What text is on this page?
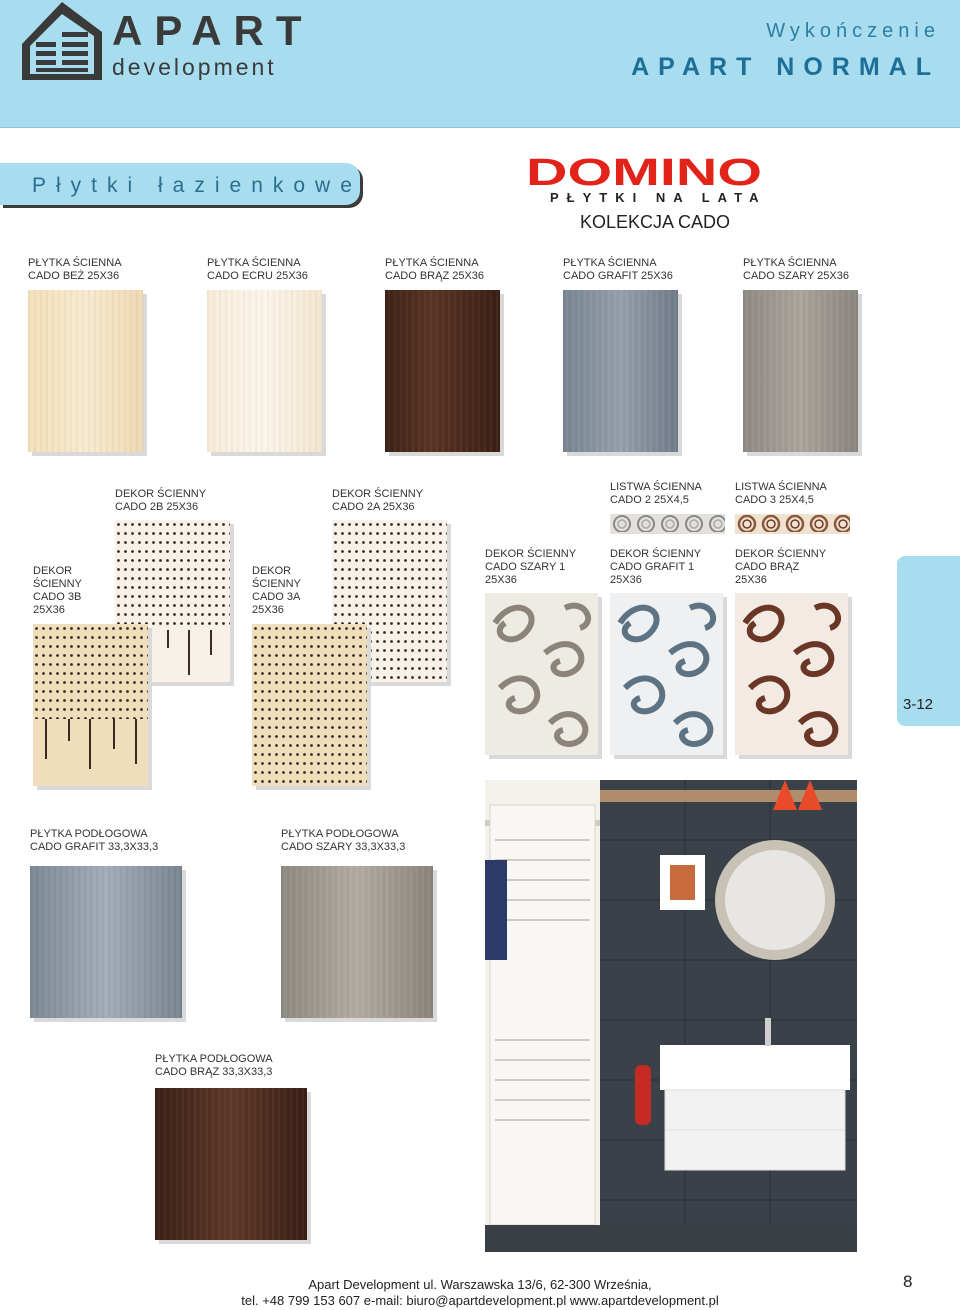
APART
development
Wykończenie
APART NORMAL
Płytki łazienkowe	DOMINO
PŁYTKI NA LATA
KOLEKCJA CADO
PŁYTKA ŚCIENNA
CADO BEŻ 25X36
PŁYTKA ŚCIENNA
CADO ECRU 25X36
PŁYTKA ŚCIENNA
CADO BRĄZ 25X36
PŁYTKA ŚCIENNA
CADO GRAFIT 25X36
PŁYTKA ŚCIENNA
CADO SZARY 25X36
DEKOR ŚCIENNY
CADO 2B 25X36
DEKOR ŚCIENNY
CADO 2A 25X36
LISTWA ŚCIENNA
CADO 2 25X4,5
LISTWA ŚCIENNA
CADO 3 25X4,5
DEKOR
ŚCIENNY
CADO 3B
25X36
DEKOR
ŚCIENNY
CADO 3A
25X36
DEKOR ŚCIENNY
CADO SZARY 1
25X36
DEKOR ŚCIENNY
CADO GRAFIT 1
25X36
DEKOR ŚCIENNY
CADO BRĄZ
25X36
3-12
PŁYTKA PODŁOGOWA
CADO GRAFIT 33,3X33,3
PŁYTKA PODŁOGOWA
CADO SZARY 33,3X33,3
PŁYTKA PODŁOGOWA
CADO BRĄZ 33,3X33,3
Apart Development ul. Warszawska 13/6, 62-300 Września,
tel. +48 799 153 607 e-mail: biuro@apartdevelopment.pl www.apartdevelopment.pl
8
